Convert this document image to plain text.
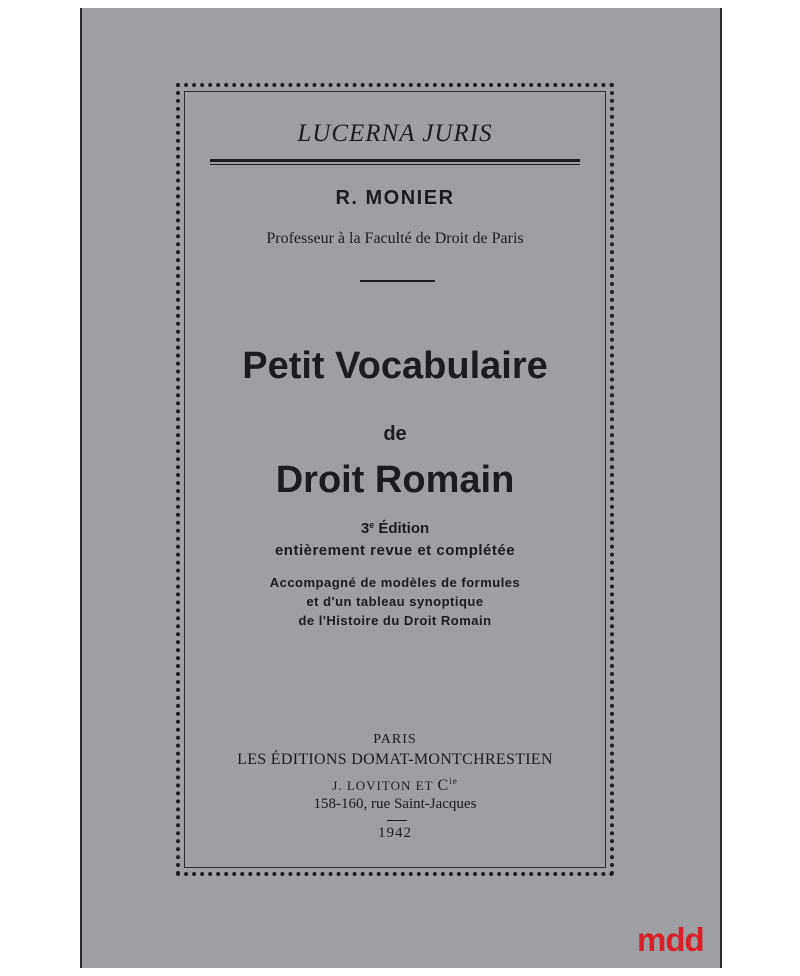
LUCERNA JURIS
R. MONIER
Professeur à la Faculté de Droit de Paris
Petit Vocabulaire
de
Droit Romain
3e Édition
entièrement revue et complétée
Accompagné de modèles de formules
et d'un tableau synoptique
de l'Histoire du Droit Romain
PARIS
LES ÉDITIONS DOMAT-MONTCHRESTIEN
J. LOVITON ET $C^{ie}$
158-160, rue Saint-Jacques
1942
mdd
